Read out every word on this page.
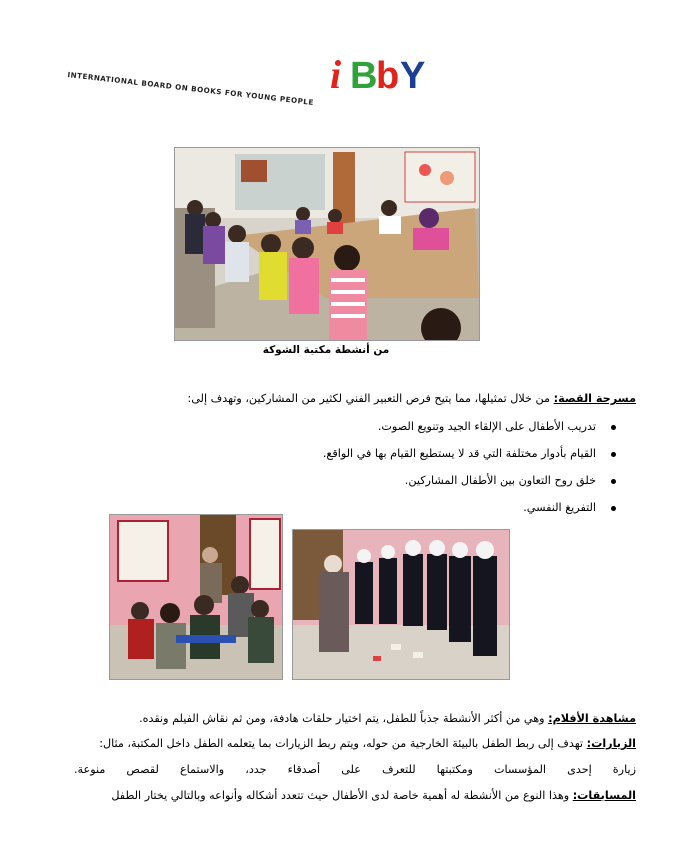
INTERNATIONAL BOARD ON BOOKS FOR YOUNG PEOPLE i B
b Y
من أنشطة مكتبة الشوكة
مسرحة القصة: من خلال تمثيلها، مما يتيح فرص التعبير الفني لكثير من المشاركين، وتهدف إلى:
تدريب الأطفال على الإلقاء الجيد وتنويع الصوت.
القيام بأدوار مختلفة التي قد لا يستطيع القيام بها في الواقع.
خلق روح التعاون بين الأطفال المشاركين.
التفريغ النفسي.
مشاهدة الأفلام: وهي من أكثر الأنشطة جذباً للطفل، يتم اختيار حلقات هادفة، ومن ثم نقاش الفيلم ونقده.
الزيارات: تهدف إلى ربط الطفل بالبيئة الخارجية من حوله، ويتم ربط الزيارات بما يتعلمه الطفل داخل المكتبة، مثال:
زيارة إحدى المؤسسات ومكتبتها للتعرف على أصدقاء جدد، والاستماع لقصص منوعة.
المسابقات: وهذا النوع من الأنشطة له أهمية خاصة لدى الأطفال حيث تتعدد أشكاله وأنواعه وبالتالي يختار الطفل
